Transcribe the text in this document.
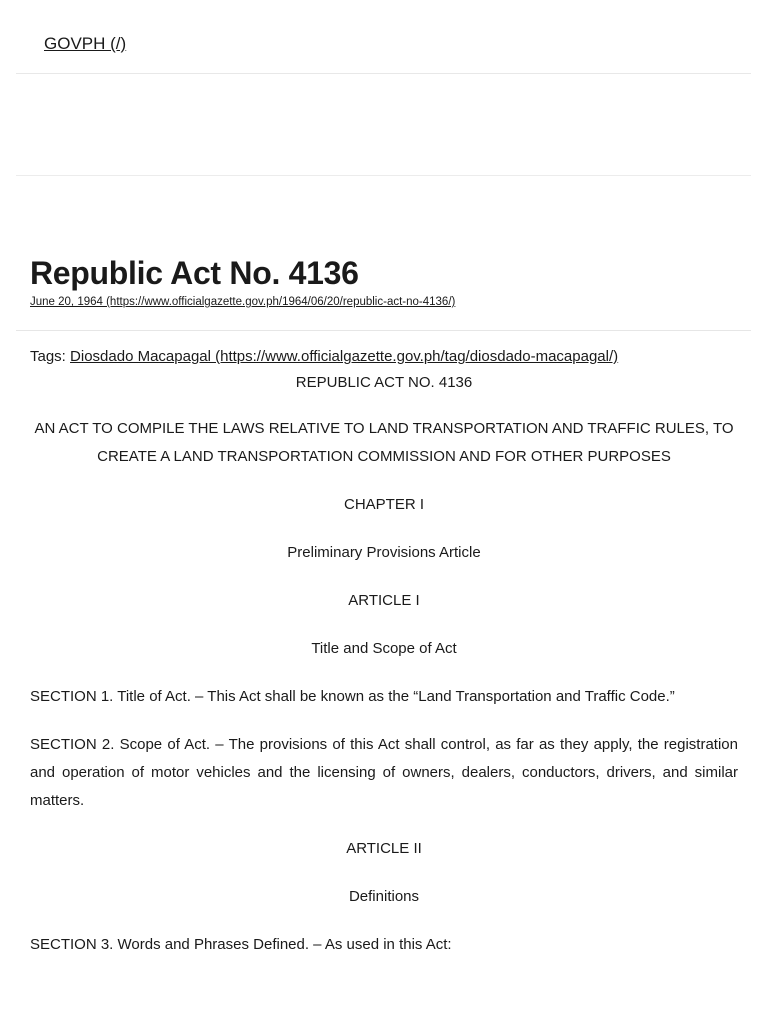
GOVPH (/)
Republic Act No. 4136
June 20, 1964 (https://www.officialgazette.gov.ph/1964/06/20/republic-act-no-4136/)
Tags: Diosdado Macapagal (https://www.officialgazette.gov.ph/tag/diosdado-macapagal/)

REPUBLIC ACT NO. 4136

AN ACT TO COMPILE THE LAWS RELATIVE TO LAND TRANSPORTATION AND TRAFFIC RULES, TO CREATE A LAND TRANSPORTATION COMMISSION AND FOR OTHER PURPOSES

CHAPTER I

Preliminary Provisions Article

ARTICLE I

Title and Scope of Act

SECTION 1. Title of Act. – This Act shall be known as the “Land Transportation and Traffic Code.”

SECTION 2. Scope of Act. – The provisions of this Act shall control, as far as they apply, the registration and operation of motor vehicles and the licensing of owners, dealers, conductors, drivers, and similar matters.

ARTICLE II

Definitions

SECTION 3. Words and Phrases Defined. – As used in this Act:
